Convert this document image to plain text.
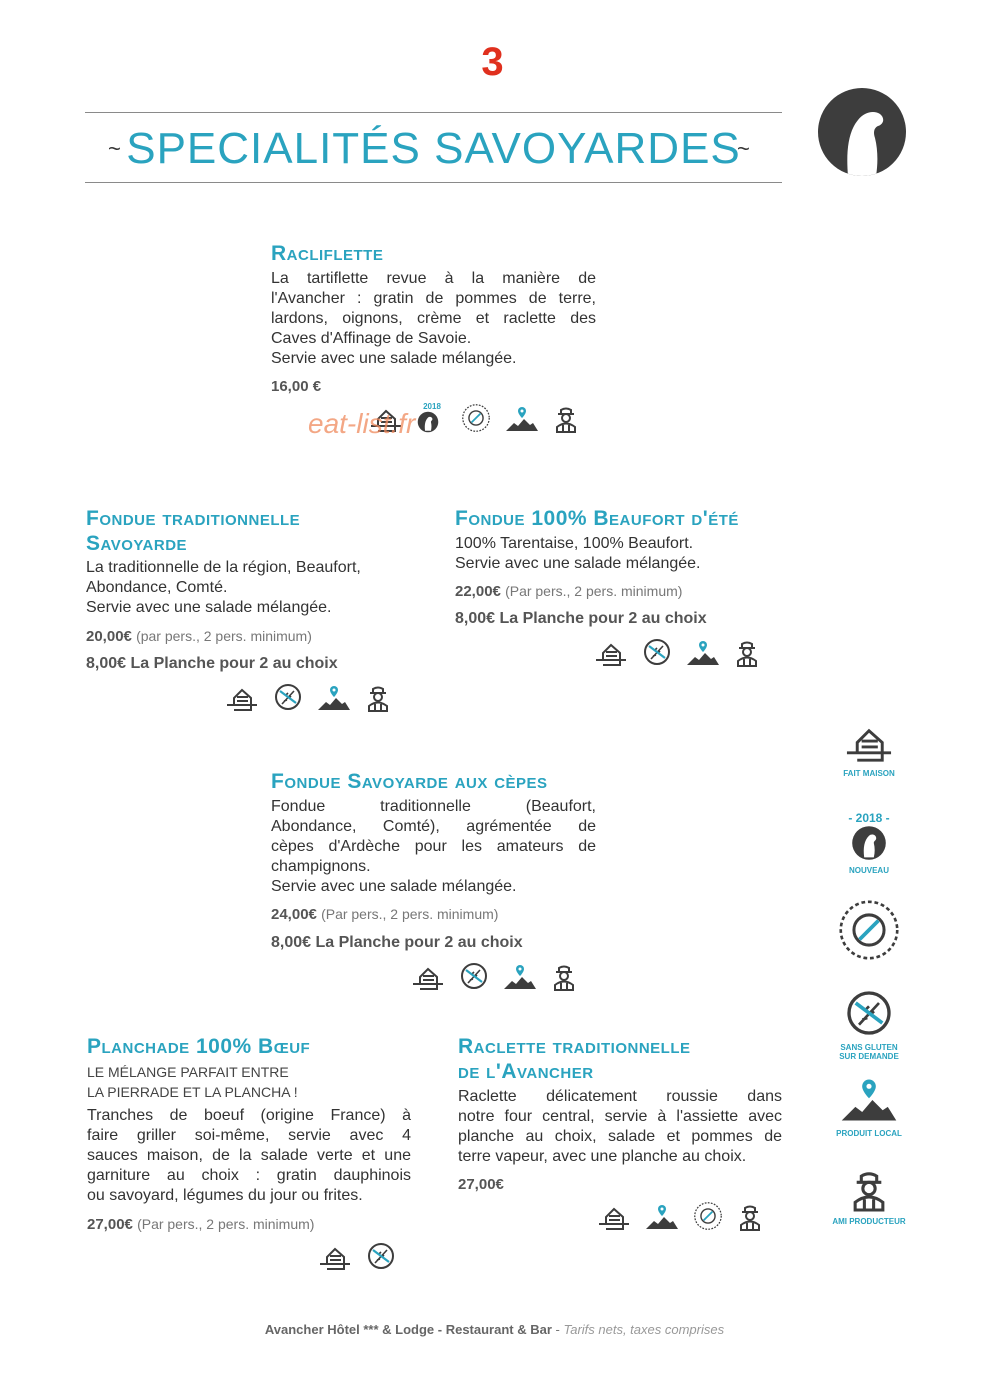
3
~ SPECIALITÉS SAVOYARDES
~
Racliflette
La tartiflette revue à la manière de
l'Avancher : gratin de pommes de terre,
lardons, oignons, crème et raclette des
Caves d'Affinage de Savoie.
Servie avec une salade mélangée.
16,00 €
2018
eat-list.fr
Fondue traditionnelle
Savoyarde
La traditionnelle de la région, Beaufort,
Abondance, Comté.
Servie avec une salade mélangée.
20,00€ (par pers., 2 pers. minimum)
8,00€ La Planche pour 2 au choix
Fondue 100% Beaufort d'été
100% Tarentaise, 100% Beaufort.
Servie avec une salade mélangée.
22,00€ (Par pers., 2 pers. minimum)
8,00€ La Planche pour 2 au choix
Fondue Savoyarde aux cèpes
Fondue traditionnelle (Beaufort,
Abondance, Comté), agrémentée de
cèpes d'Ardèche pour les amateurs de
champignons.
Servie avec une salade mélangée.
24,00€ (Par pers., 2 pers. minimum)
8,00€ La Planche pour 2 au choix
Planchade 100% Bœuf
LE MÉLANGE PARFAIT ENTRE
LA PIERRADE ET LA PLANCHA !
Tranches de boeuf (origine France) à
faire griller soi-même, servie avec 4
sauces maison, de la salade verte et une
garniture au choix : gratin dauphinois
ou savoyard, légumes du jour ou frites.
27,00€ (Par pers., 2 pers. minimum)
Raclette traditionnelle
de l'Avancher
Raclette délicatement roussie dans
notre four central, servie à l'assiette avec
planche au choix, salade et pommes de
terre vapeur, avec une planche au choix.
27,00€
FAIT MAISON
- 2018 -
NOUVEAU
SANS GLUTEN
SUR DEMANDE
PRODUIT LOCAL
AMI PRODUCTEUR
Avancher Hôtel *** & Lodge - Restaurant & Bar - Tarifs nets, taxes comprises
